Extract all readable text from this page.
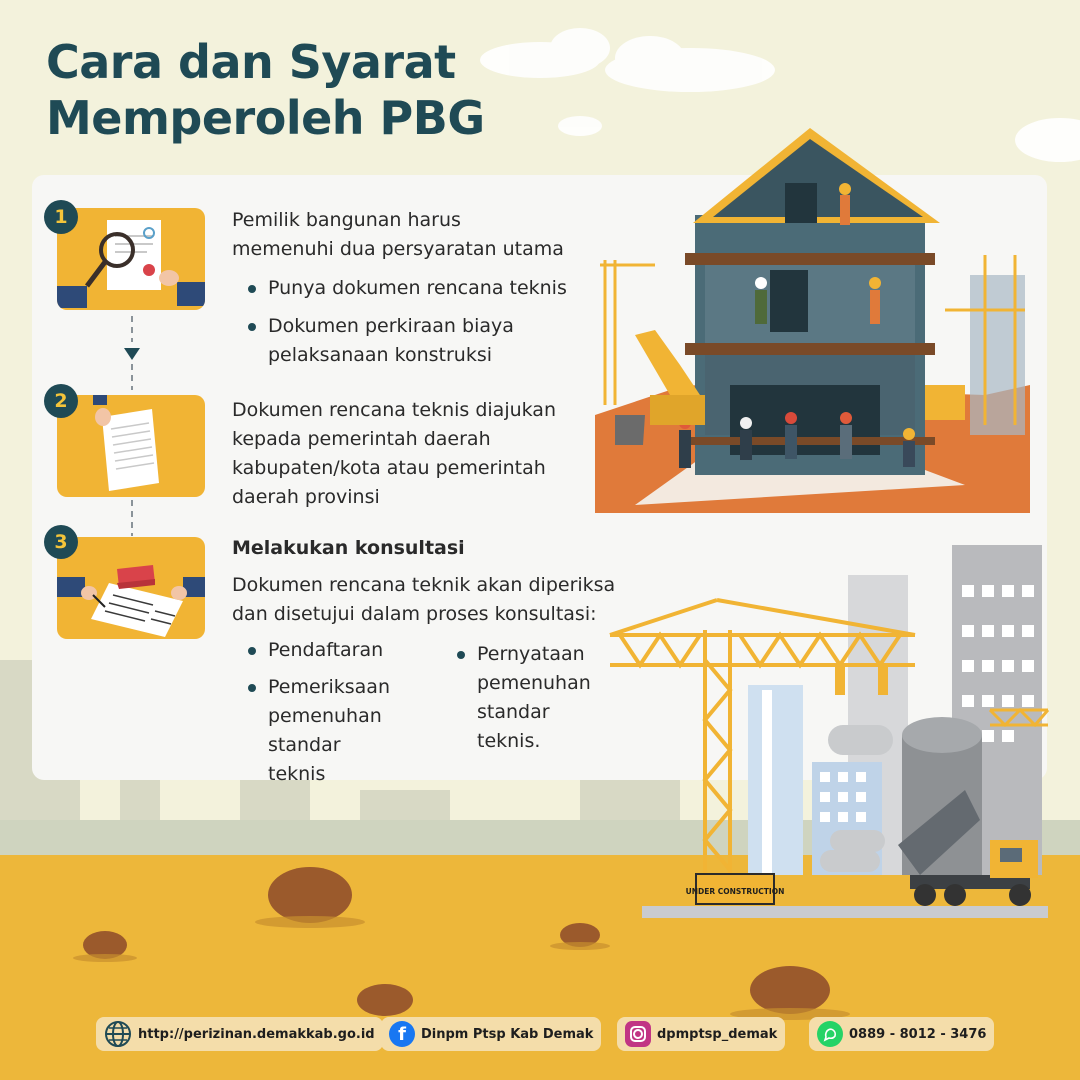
Cara dan Syarat
Memperoleh PBG
UNDER CONSTRUCTION
1	Pemilik bangunan harus

memenuhi dua persyaratan utama

Punya dokumen rencana teknis
Dokumen perkiraan biaya pelaksanaan konstruksi
2	Dokumen rencana teknis diajukan

kepada pemerintah daerah

kabupaten/kota atau pemerintah

daerah provinsi

3	Melakukan konsultasi

Dokumen rencana teknik akan diperiksa

dan disetujui dalam proses konsultasi:

Pendaftaran
Pemeriksaan pemenuhan standar teknis
Pernyataan pemenuhan standar teknis.
http://perizinan.demakkab.go.id	f	Dinpm Ptsp Kab Demak	dpmptsp_demak	0889 - 8012 - 3476
